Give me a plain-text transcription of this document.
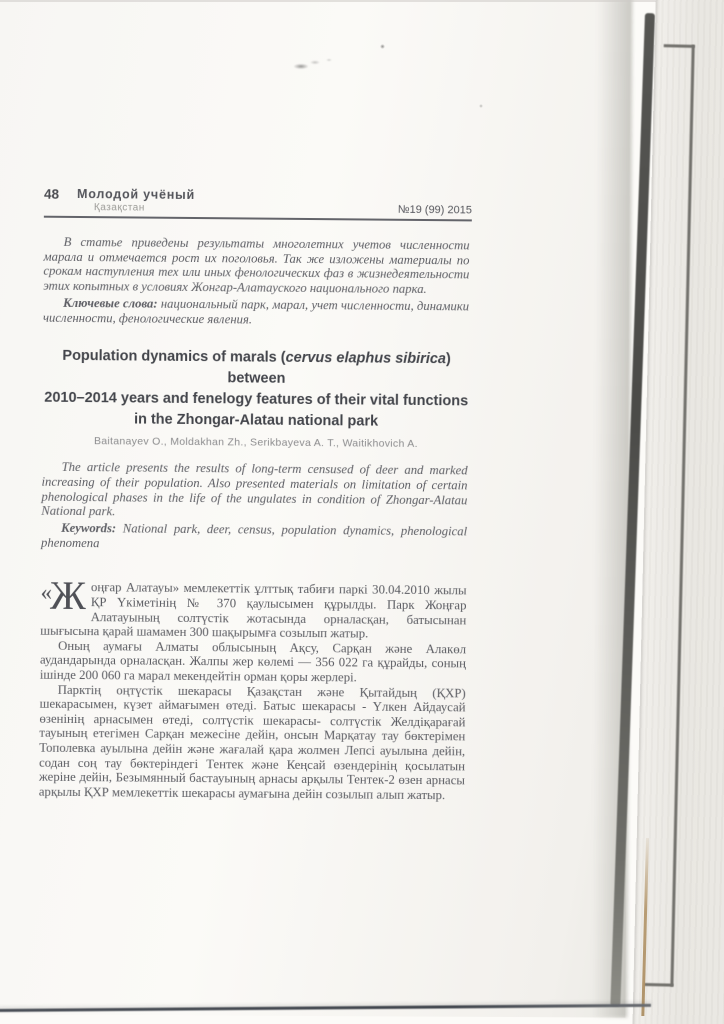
48 Молодой учёный
Қазақстан	№19 (99) 2015

В статье приведены результаты многолетних учетов численности марала и отмечается рост их поголовья. Так же изложены материалы по срокам наступления тех или иных фенологических фаз в жизнедеятельности этих копытных в условиях Жонгар-Алатауского национального парка.

Ключевые слова: национальный парк, марал, учет численности, динамики численности, фенологические явления.

Population dynamics of marals (cervus elaphus sibirica) between
2010–2014 years and fenelogy features of their vital functions
in the Zhongar-Alatau national park
Baitanayev O., Moldakhan Zh., Serikbayeva A. T., Waitikhovich A.

The article presents the results of long-term censused of deer and marked increasing of their population. Also presented materials on limitation of certain phenological phases in the life of the ungulates in condition of Zhongar-Alatau National park.

Keywords: National park, deer, census, population dynamics, phenological phenomena

«Ж оңғар Алатауы» мемлекеттік ұлттық табиғи паркі 30.04.2010 жылы ҚР Үкіметінің № 370 қаулысымен құрылды. Парк Жоңғар Алатауының солтүстік жотасында орналасқан, батысынан шығысына қарай шамамен 300 шақырымға созылып жатыр.

Оның аумағы Алматы облысының Ақсу, Сарқан және Алакөл аудандарында орналасқан. Жалпы жер көлемі — 356 022 га құрайды, соның ішінде 200 060 га марал мекендейтін орман қоры жерлері.

Парктің оңтүстік шекарасы Қазақстан және Қытайдың (ҚХР) шекарасымен, күзет аймағымен өтеді. Батыс шекарасы - Үлкен Айдаусай өзенінің арнасымен өтеді, солтүстік шекарасы- солтүстік Желдіқарағай тауының етегімен Сарқан межесіне дейін, онсын Марқатау тау бөктерімен Тополевка ауылына дейін және жағалай қара жолмен Лепсі ауылына дейін, содан соң тау бөктеріндегі Тентек және Кеңсай өзендерінің қосылатын жеріне дейін, Безымянный бастауының арнасы арқылы Тентек-2 өзен арнасы арқылы ҚХР мемлекеттік шекарасы аумағына дейін созылып алып жатыр.
